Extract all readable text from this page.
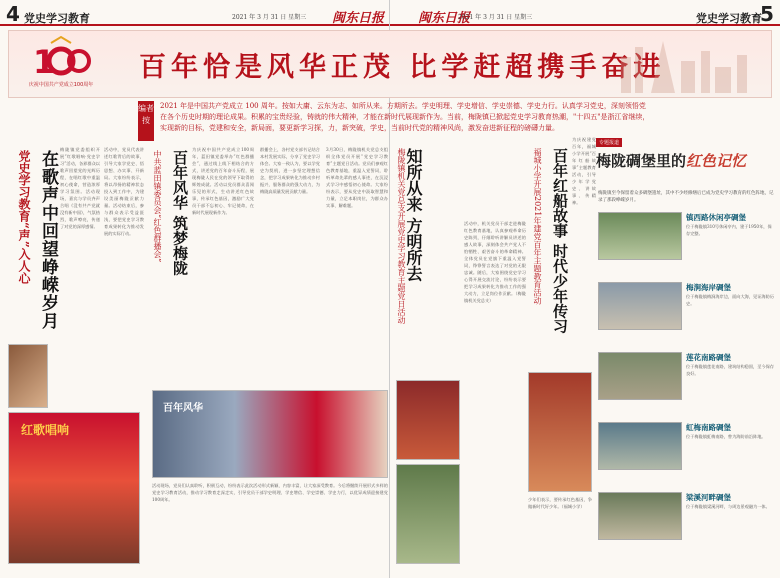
4 党史学习教育	2021 年 3 月 31 日 星期三 闽东日报	闽东日报
2021 年 3 月 31 日 星期三	党史学习教育
5
1
庆祝中国共产党成立100周年
百年恰是风华正茂 比学赶超携手奋进
编者按
2021 年是中国共产党成立 100 周年。按如大庸、云东为志、如所从来。方期所去。学史明理、学史增信、学史崇德、学史力行。认真学习党史，深刻领悟党在各个历史时期的理论成果。积累的宝贵经验，铸就的伟大精神，才能在新时代展现新作为。当前，梅陇镇已掀起党史学习教育热潮，"十四五"是浙江省继续，实现新的目标，党建和安全，新局面，要更新学习探，力，新突破，学史，当前时代党的精神风尚，激发奋进新征程的磅礴力量。
在歌声中回望峥嵘岁月
党史学习教育“声”入人心
梅陇镇党委组织开展“红歌唱响·党史学习”活动，各界群众以歌声回望党的光辉历程，在唱红歌中重温初心使命，营造浓厚学习氛围。活动现场，嘉宾与学员齐声合唱《没有共产党就没有新中国》，气氛热烈，歌声嘹亮，传递了对党的深厚感情。
活动中，党员代表讲述红歌背后的故事，引导大家学党史、悟思想、办实事、开新局。大家纷纷表示，将以昂扬的精神状态投入到工作中，为建设美丽梅陇贡献力量。活动结束后，参与群众表示受益匪浅，要把党史学习教育成果转化为推动发展的实际行动。
红歌唱响
百年风华 筑梦梅陇
中共蓝田镇委员会“红色群播会”
为庆祝中国共产党成立100周年，蓝田镇党委举办“红色群播会”，通过线上线下相结合的方式，讲述党的百年奋斗历程，展现梅陇人民在党的领导下取得的辉煌成就。活动以党员群众喜闻乐见的形式，生动讲述红色故事，传承红色基因，激励广大党员干部不忘初心、牢记使命，在新时代展现新作为。
群播会上，各村党支部书记结合本村发展实际，分享了党史学习体会。大家一致认为，要以学党史为契机，进一步坚定理想信念，把学习成果转化为推动乡村振兴、服务群众的强大动力，为梅陇高质量发展贡献力量。
3月30日，梅陇镇机关党总支组织全体党员开展“党史学习教育”主题党日活动。党员们参观红色教育基地，重温入党誓词，聆听革命先辈的感人事迹，在沉浸式学习中感悟初心使命。大家纷纷表示，要从党史中汲取智慧和力量，立足本职岗位，为群众办实事、解难题。
百年风华
活动现场，党员们认真聆听，积极互动，纷纷表示此次活动形式新颖、内容丰富，让大家深受教育。今后将继续开展形式多样的党史学习教育活动，推动学习教育走深走实，引导党员干部学史明理、学史增信、学史崇德、学史力行，以优异成绩迎接建党100周年。
知所从来 方明所去
梅陇镇机关党总支开展党史学习教育主题党日活动	活动中，机关党员干部走进梅陇红色教育基地，认真参观革命历史陈列，仔细聆听讲解员讲述的感人故事，深刻体会共产党人不怕牺牲、艰苦奋斗的革命精神。全体党员在党旗下重温入党誓词，铮铮誓言表达了对党的无限忠诚。随后，大家围绕党史学习心得开展交流讨论，纷纷表示要把学习成果转化为推动工作的强大动力，立足岗位作贡献。（梅陇镇机关党总支）	百年红船故事 时代少年传习
福城小学开展2021年建党百年主题教育活动
少年们表示，要传承红色基因，争做新时代好少年。（福城小学）
为庆祝建党百年，福城小学开展“百年红船故事”主题教育活动，引导少年学党史、讲故事、传精神。
专题报道
梅陇碉堡里的红色记忆
梅陇镇至今保留着众多碉堡遗址，其中不少经修缮后已成为党史学习教育的红色阵地，记录了那段峥嵘岁月。
镇西路休闲亭碉堡
位于梅陇镇310号休闲亭内，建于1950年，保存完整。
梅涧海岸碉堡
位于梅陇镇梅涧海岸边，面向大海，见证海防历史。
莲花南路碉堡
位于梅陇镇莲花南路，建筑结构稳固，至今保存良好。
虹梅南路碉堡
位于梅陇镇虹梅南路，曾为海防前沿阵地。
梁溪河畔碉堡
位于梅陇镇梁溪河畔，与周边景观融为一体。
